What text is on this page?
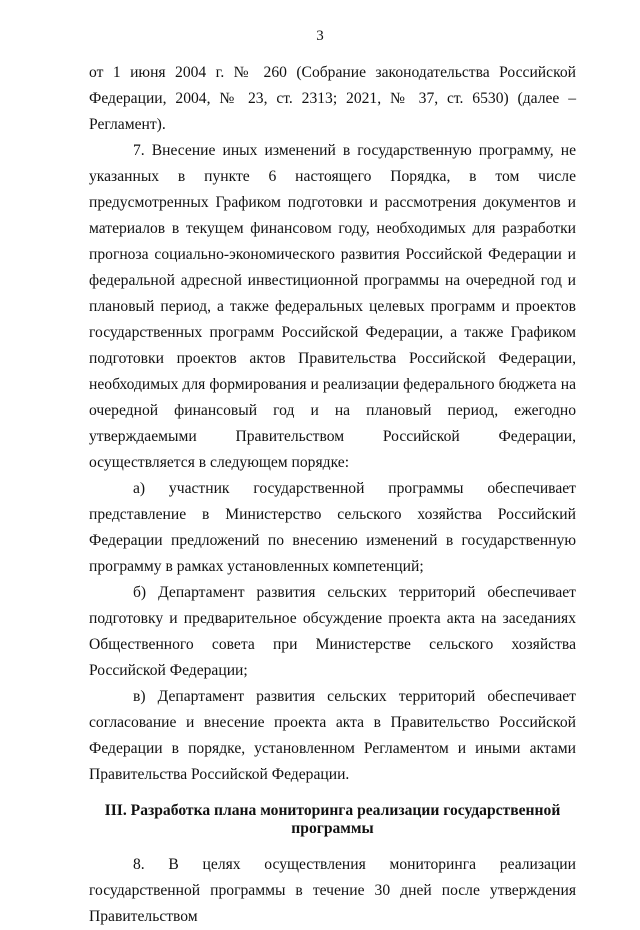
3

от 1 июня 2004 г. № 260 (Собрание законодательства Российской Федерации, 2004, № 23, ст. 2313; 2021, № 37, ст. 6530) (далее – Регламент).

7. Внесение иных изменений в государственную программу, не указанных в пункте 6 настоящего Порядка, в том числе предусмотренных Графиком подготовки и рассмотрения документов и материалов в текущем финансовом году, необходимых для разработки прогноза социально-экономического развития Российской Федерации и федеральной адресной инвестиционной программы на очередной год и плановый период, а также федеральных целевых программ и проектов государственных программ Российской Федерации, а также Графиком подготовки проектов актов Правительства Российской Федерации, необходимых для формирования и реализации федерального бюджета на очередной финансовый год и на плановый период, ежегодно утверждаемыми Правительством Российской Федерации, осуществляется в следующем порядке:

а) участник государственной программы обеспечивает представление в Министерство сельского хозяйства Российский Федерации предложений по внесению изменений в государственную программу в рамках установленных компетенций;

б) Департамент развития сельских территорий обеспечивает подготовку и предварительное обсуждение проекта акта на заседаниях Общественного совета при Министерстве сельского хозяйства Российской Федерации;

в) Департамент развития сельских территорий обеспечивает согласование и внесение проекта акта в Правительство Российской Федерации в порядке, установленном Регламентом и иными актами Правительства Российской Федерации.

III. Разработка плана мониторинга реализации государственной программы

8. В целях осуществления мониторинга реализации государственной программы в течение 30 дней после утверждения Правительством
